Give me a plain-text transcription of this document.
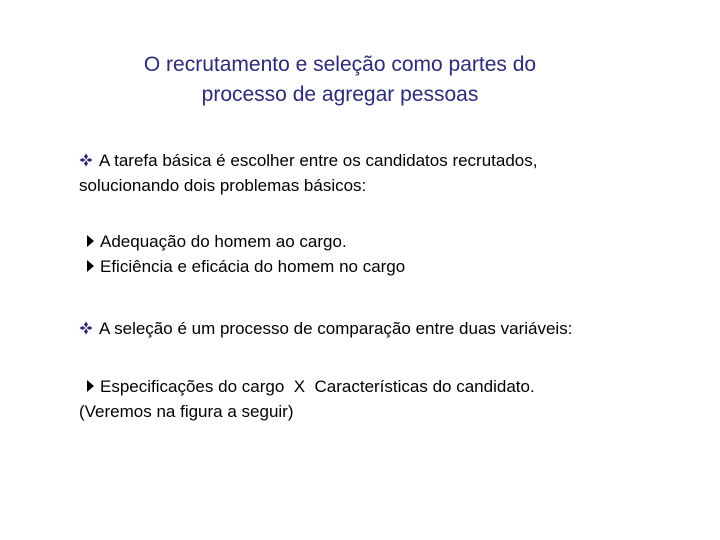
O recrutamento e seleção como partes do
processo de agregar pessoas
A tarefa básica é escolher entre os candidatos recrutados,
solucionando dois problemas básicos:
Adequação do homem ao cargo.
Eficiência e eficácia do homem no cargo
A seleção é um processo de comparação entre duas variáveis:
Especificações do cargo  X  Características do candidato.
(Veremos na figura a seguir)
